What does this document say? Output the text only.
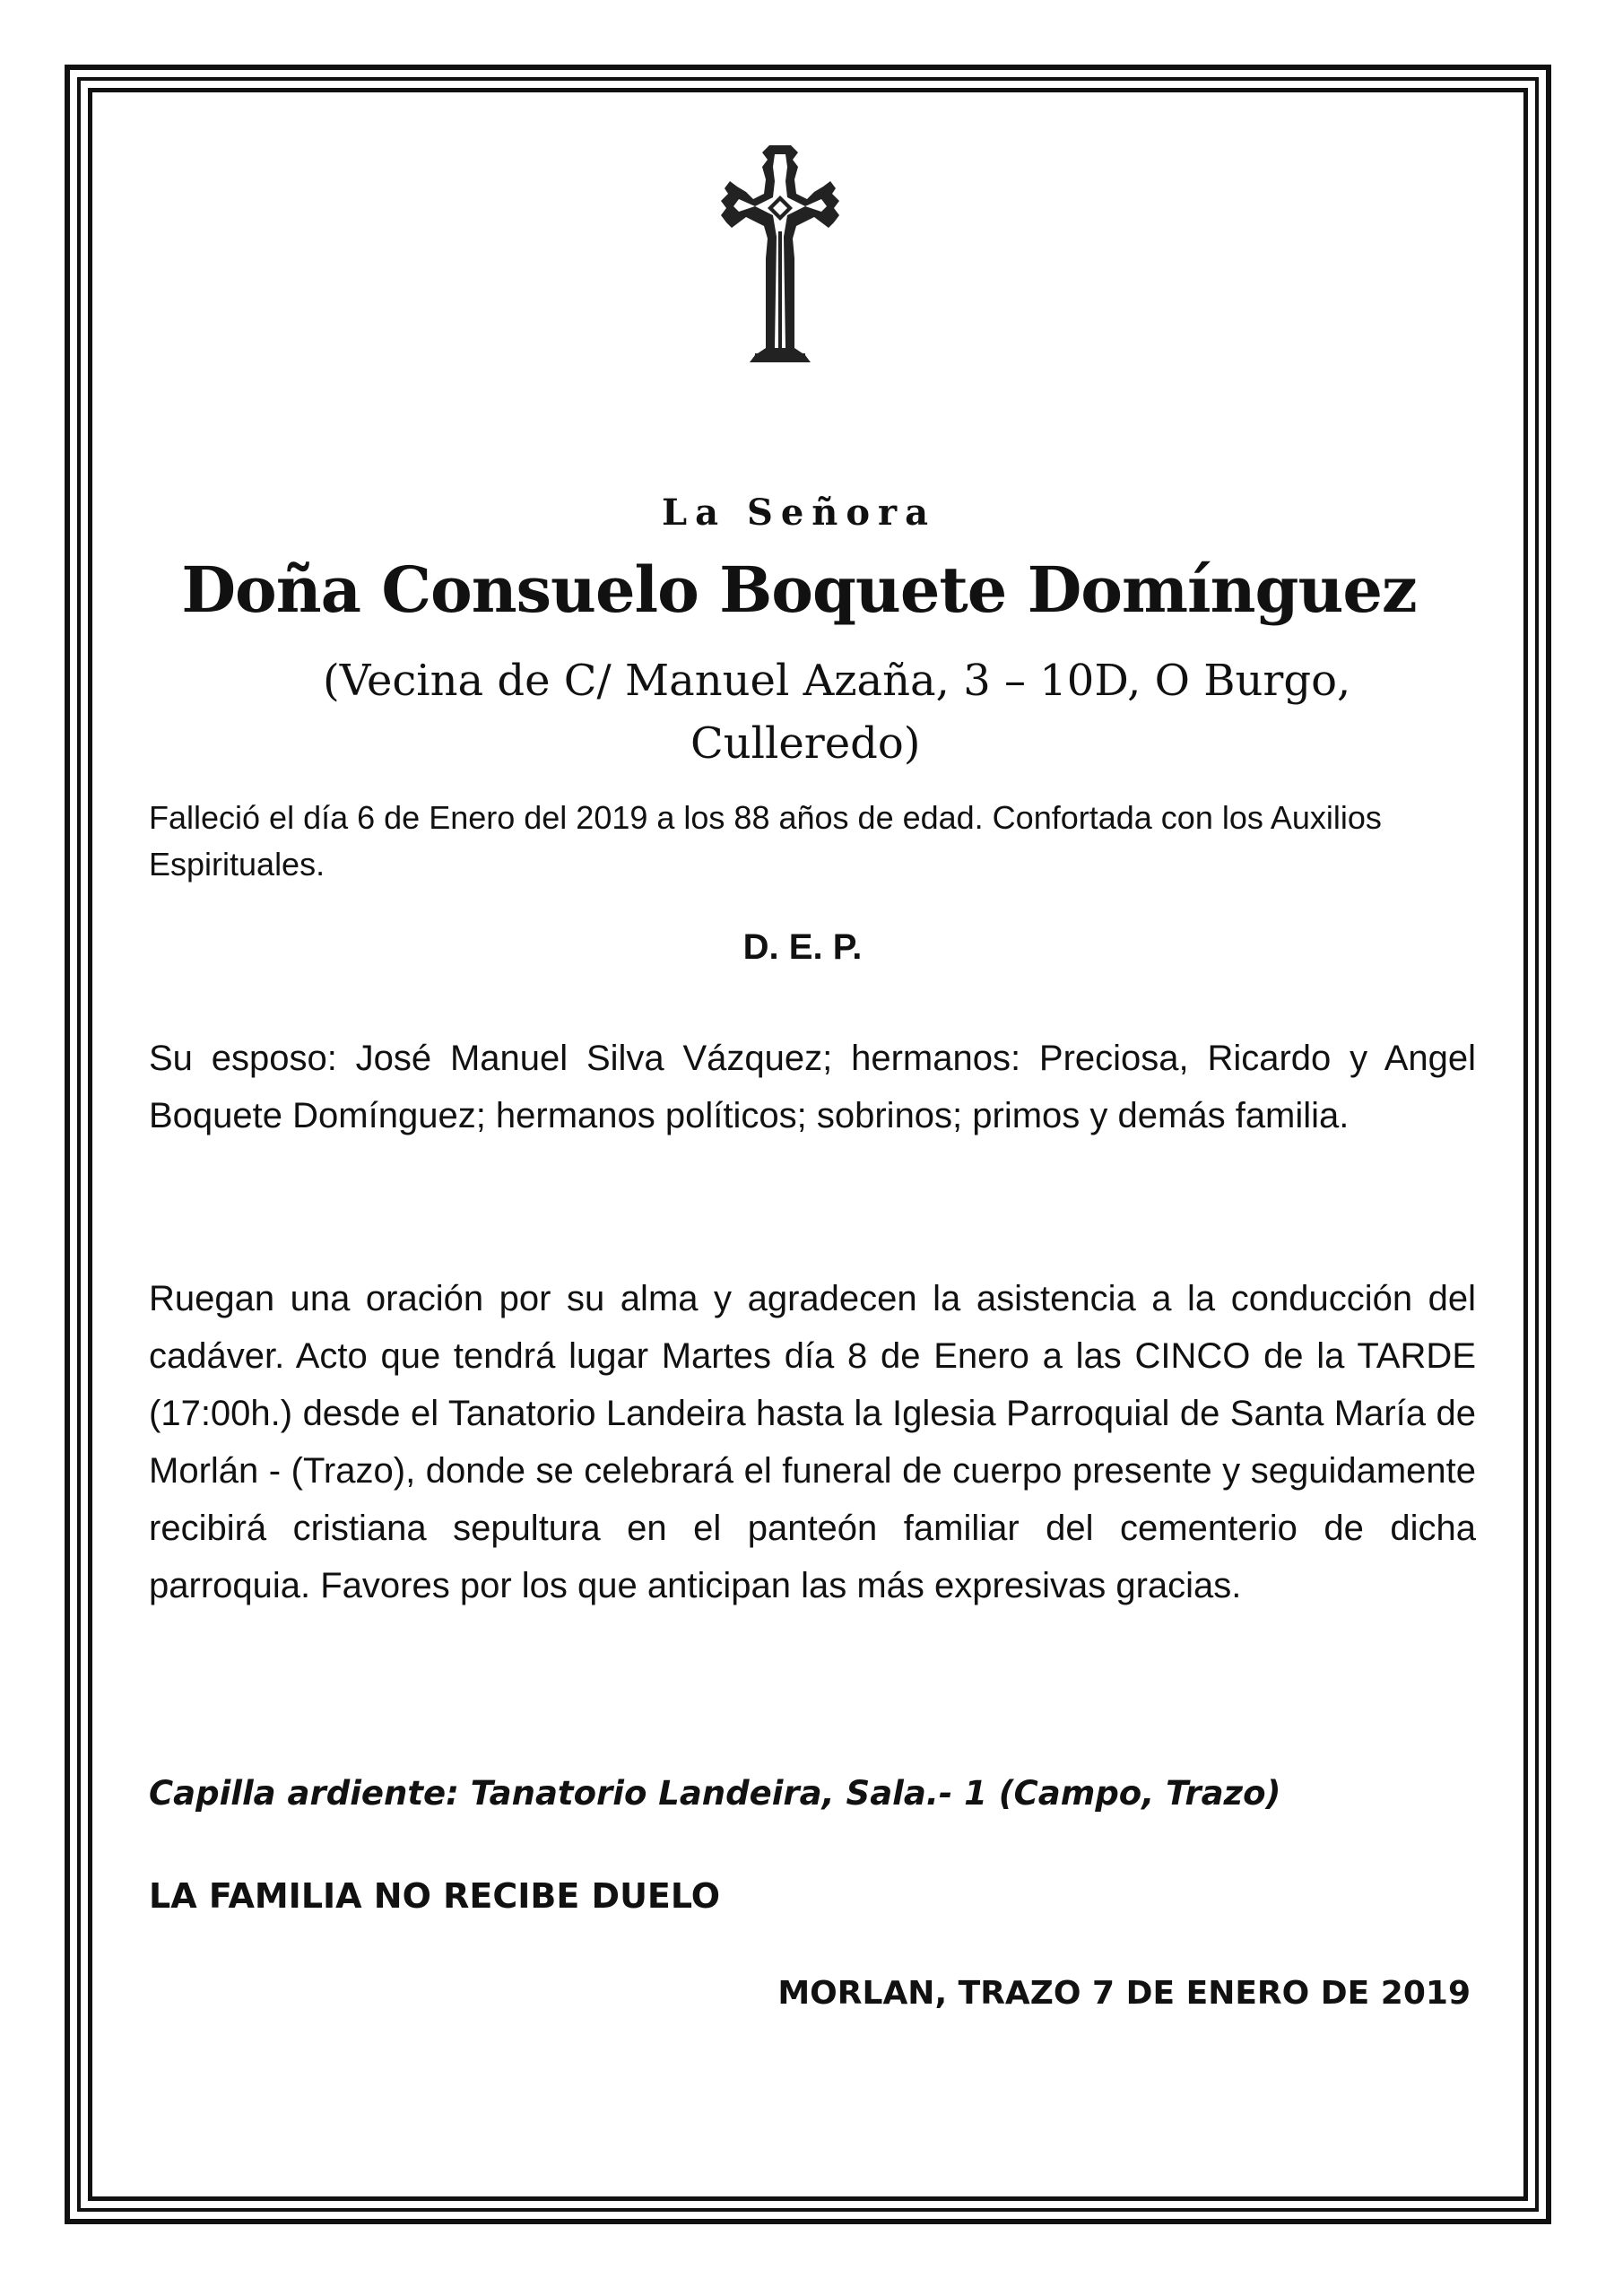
La Señora
Doña Consuelo Boquete Domínguez
(Vecina de C/ Manuel Azaña, 3 – 10D, O Burgo,
Culleredo)
Falleció el día 6 de Enero del 2019 a los 88 años de edad. Confortada con los Auxilios Espirituales.
D. E. P.
Su esposo: José Manuel Silva Vázquez; hermanos: Preciosa, Ricardo y Angel Boquete Domínguez; hermanos políticos; sobrinos; primos y demás familia.
Ruegan una oración por su alma y agradecen la asistencia a la conducción del cadáver. Acto que tendrá lugar Martes día 8 de Enero a las CINCO de la TARDE (17:00h.) desde el Tanatorio Landeira hasta la Iglesia Parroquial de Santa María de Morlán - (Trazo), donde se celebrará el funeral de cuerpo presente y seguidamente recibirá cristiana sepultura en el panteón familiar del cementerio de dicha parroquia. Favores por los que anticipan las más expresivas gracias.
Capilla ardiente: Tanatorio Landeira, Sala.- 1 (Campo, Trazo)
LA FAMILIA NO RECIBE DUELO
MORLAN, TRAZO 7 DE ENERO DE 2019
